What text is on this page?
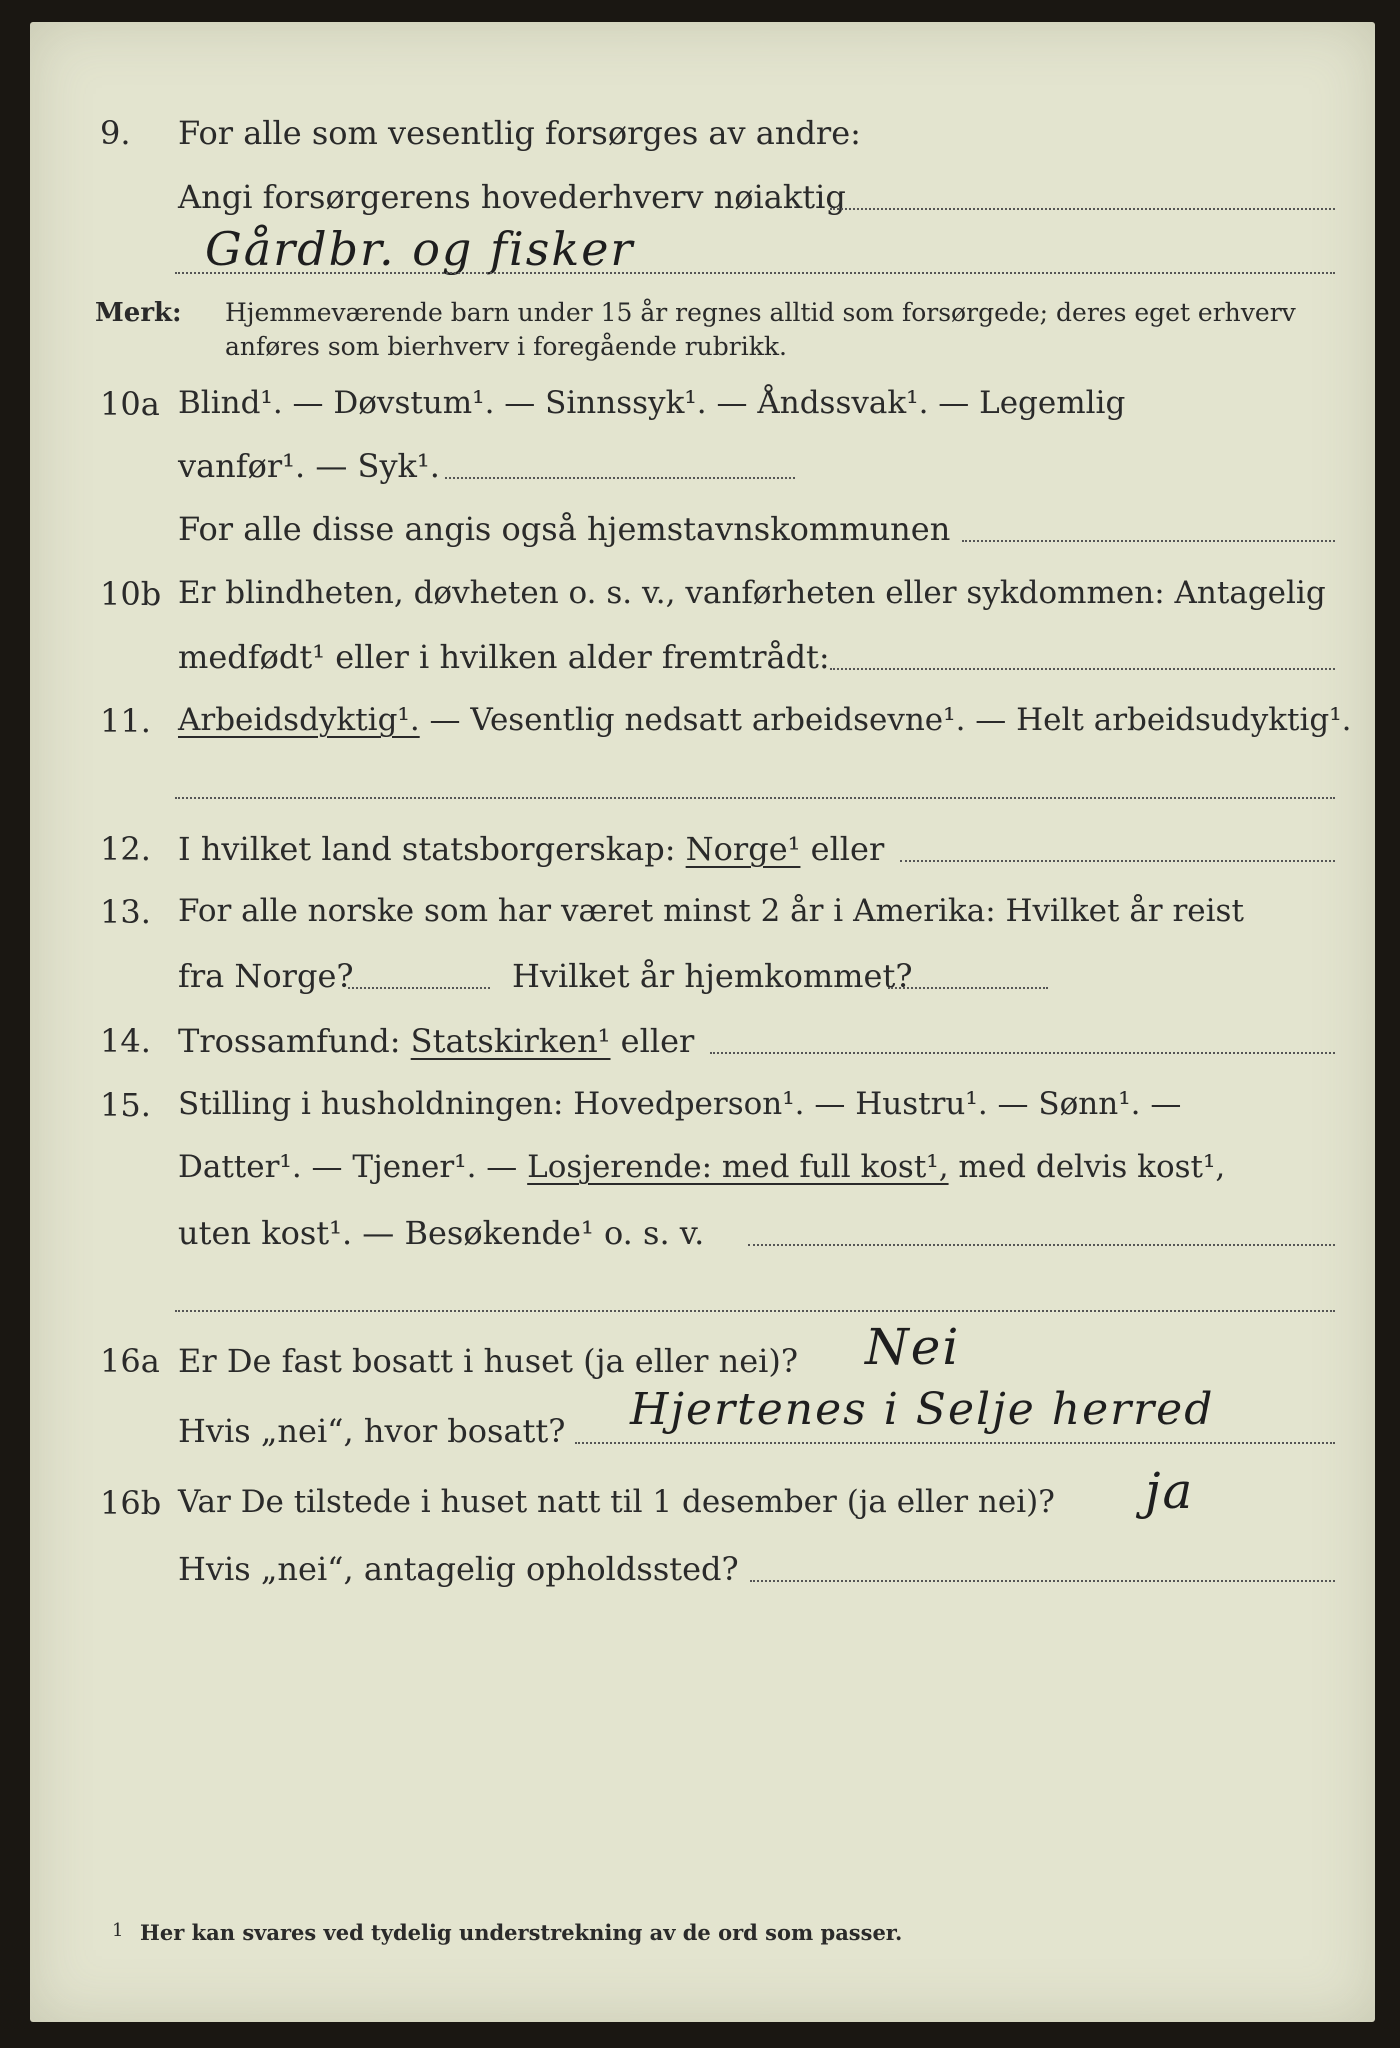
9. For alle som vesentlig forsørges av andre:
Angi forsørgerens hovederhverv nøiaktig
Gårdbr. og fisker
Merk: Hjemmeværende barn under 15 år regnes alltid som forsørgede; deres eget erhverv
anføres som bierhverv i foregående rubrikk.
10a Blind¹. — Døvstum¹. — Sinnssyk¹. — Åndssvak¹. — Legemlig
vanfør¹. — Syk¹.
For alle disse angis også hjemstavnskommunen
10b Er blindheten, døvheten o. s. v., vanførheten eller sykdommen: Antagelig
medfødt¹ eller i hvilken alder fremtrådt:
11. Arbeidsdyktig¹. — Vesentlig nedsatt arbeidsevne¹. — Helt arbeidsudyktig¹.
12. I hvilket land statsborgerskap: Norge¹ eller
13. For alle norske som har været minst 2 år i Amerika: Hvilket år reist
fra Norge?	Hvilket år hjemkommet?
14. Trossamfund: Statskirken¹ eller
15. Stilling i husholdningen: Hovedperson¹. — Hustru¹. — Sønn¹. —
Datter¹. — Tjener¹. — Losjerende: med full kost¹, med delvis kost¹,
uten kost¹. — Besøkende¹ o. s. v.
16a Er De fast bosatt i huset (ja eller nei)? Nei
Hvis „nei“, hvor bosatt? Hjertenes i Selje herred
16b Var De tilstede i huset natt til 1 desember (ja eller nei)? ja
Hvis „nei“, antagelig opholdssted?
1 Her kan svares ved tydelig understrekning av de ord som passer.
